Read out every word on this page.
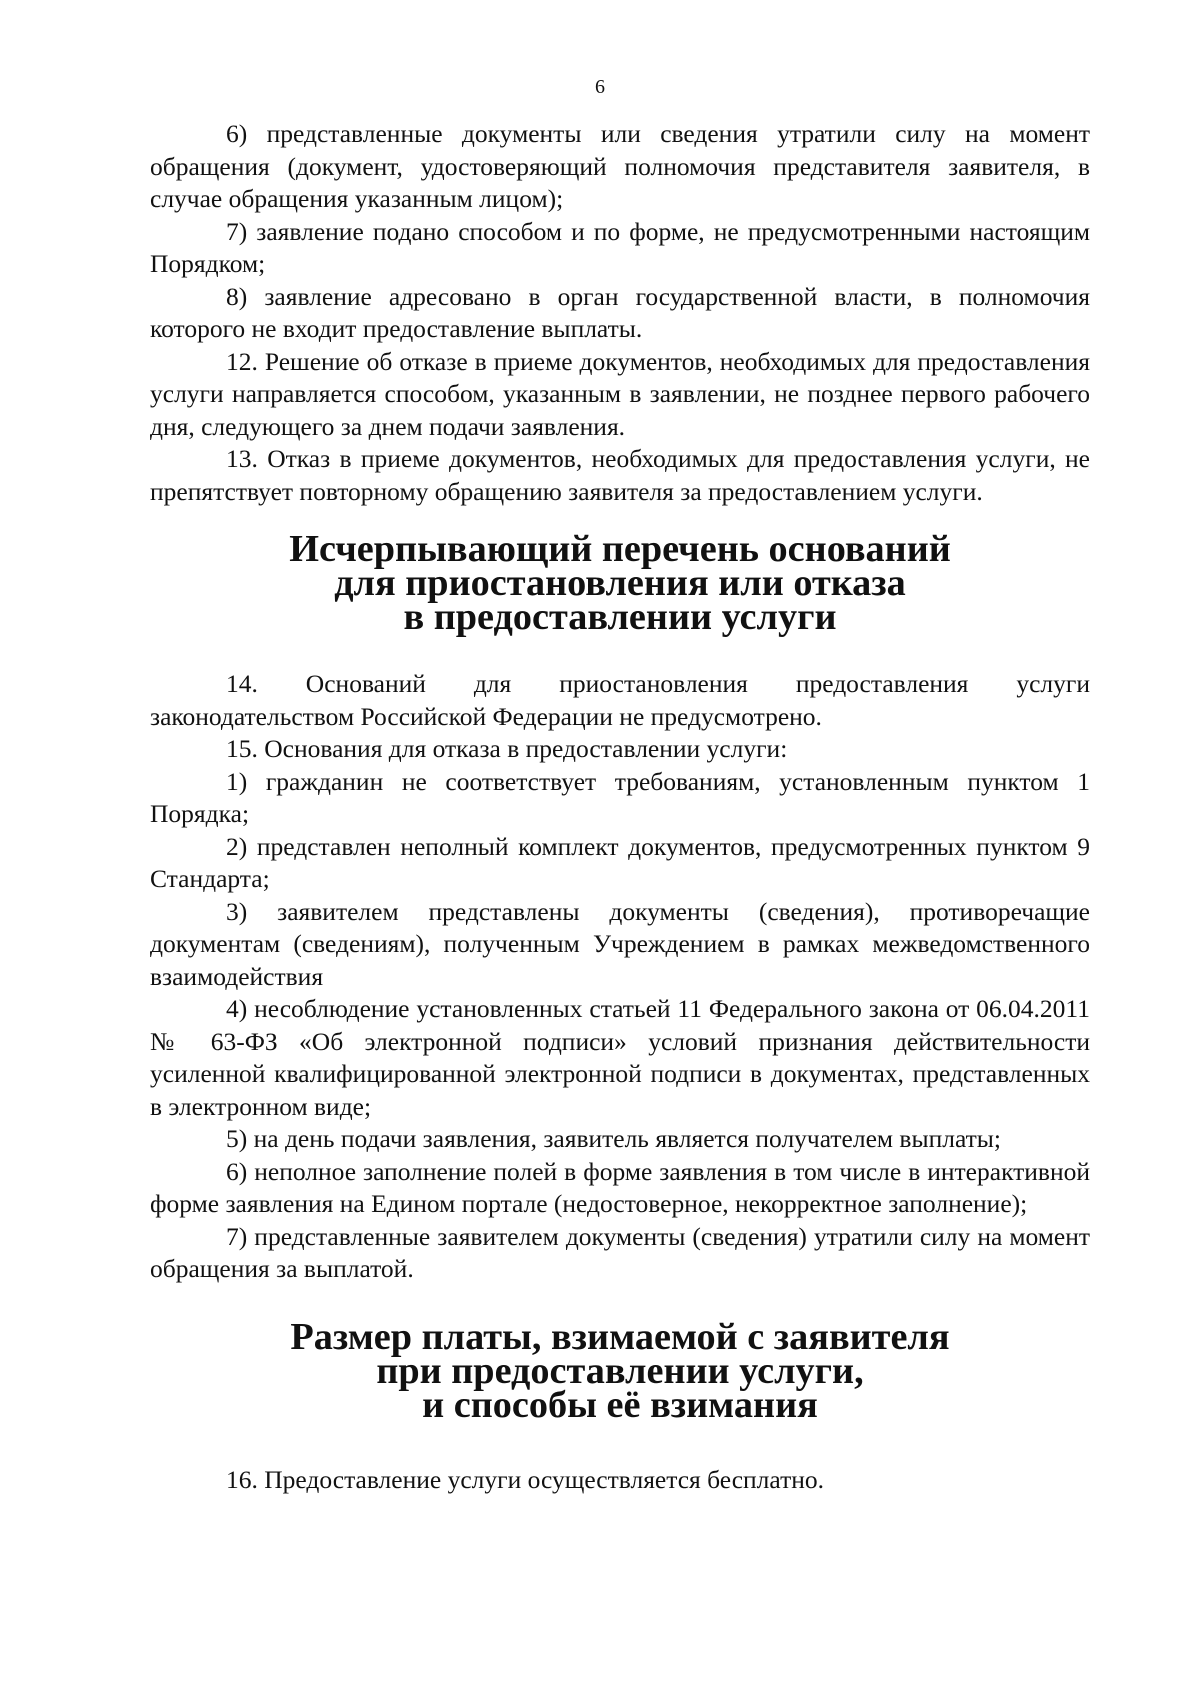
6

6) представленные документы или сведения утратили силу на момент обращения (документ, удостоверяющий полномочия представителя заявителя, в случае обращения указанным лицом);

7) заявление подано способом и по форме, не предусмотренными настоящим Порядком;

8) заявление адресовано в орган государственной власти, в полномочия которого не входит предоставление выплаты.

12. Решение об отказе в приеме документов, необходимых для предоставления услуги направляется способом, указанным в заявлении, не позднее первого рабочего дня, следующего за днем подачи заявления.

13. Отказ в приеме документов, необходимых для предоставления услуги, не препятствует повторному обращению заявителя за предоставлением услуги.

Исчерпывающий перечень оснований
для приостановления или отказа
в предоставлении услуги

14. Оснований для приостановления предоставления услуги законодательством Российской Федерации не предусмотрено.

15. Основания для отказа в предоставлении услуги:

1) гражданин не соответствует требованиям, установленным пунктом 1 Порядка;

2) представлен неполный комплект документов, предусмотренных пунктом 9 Стандарта;

3) заявителем представлены документы (сведения), противоречащие документам (сведениям), полученным Учреждением в рамках межведомственного взаимодействия

4) несоблюдение установленных статьей 11 Федерального закона от 06.04.2011 № 63-ФЗ «Об электронной подписи» условий признания действительности усиленной квалифицированной электронной подписи в документах, представленных в электронном виде;

5) на день подачи заявления, заявитель является получателем выплаты;

6) неполное заполнение полей в форме заявления в том числе в интерактивной форме заявления на Едином портале (недостоверное, некорректное заполнение);

7) представленные заявителем документы (сведения) утратили силу на момент обращения за выплатой.

Размер платы, взимаемой с заявителя
при предоставлении услуги,
и способы её взимания

16. Предоставление услуги осуществляется бесплатно.
